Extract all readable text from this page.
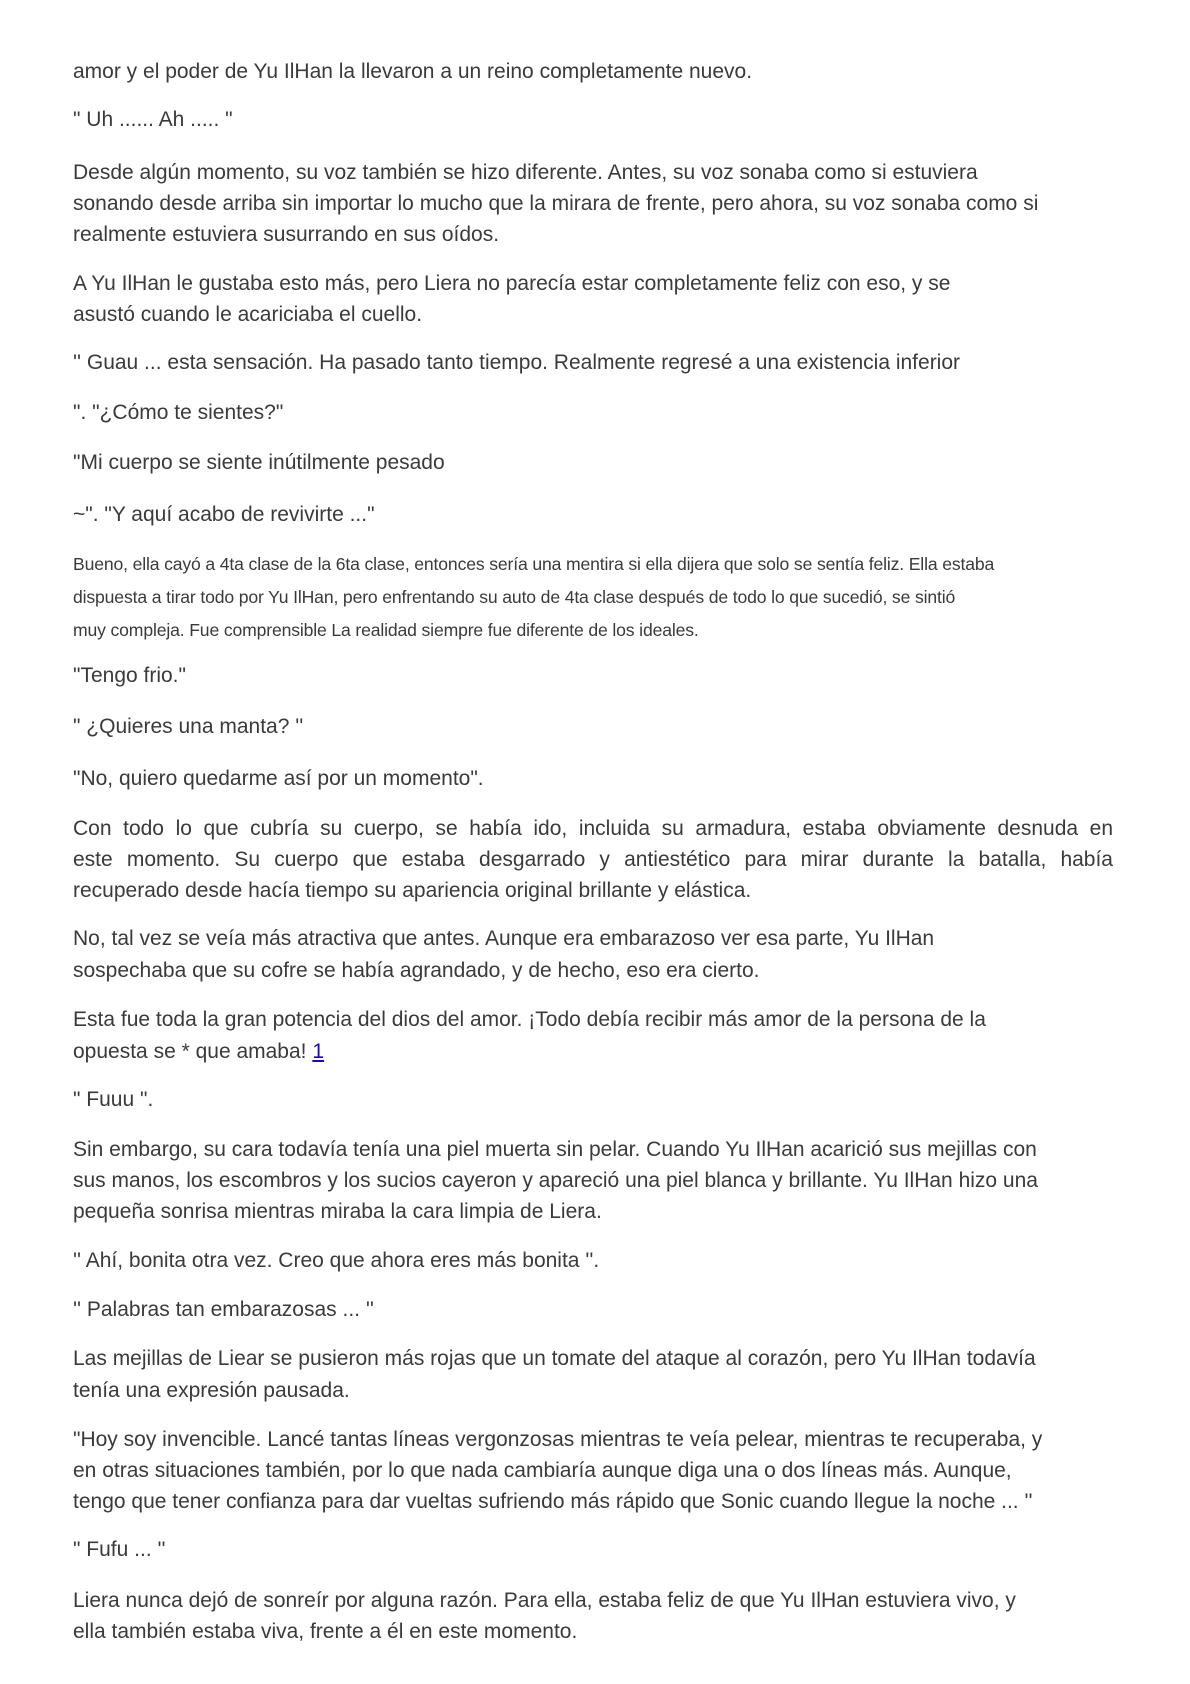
amor y el poder de Yu IlHan la llevaron a un reino completamente nuevo.

" Uh ...... Ah ..... "

Desde algún momento, su voz también se hizo diferente. Antes, su voz sonaba como si estuviera

sonando desde arriba sin importar lo mucho que la mirara de frente, pero ahora, su voz sonaba como si

realmente estuviera susurrando en sus oídos.

A Yu IlHan le gustaba esto más, pero Liera no parecía estar completamente feliz con eso, y se

asustó cuando le acariciaba el cuello.

'' Guau ... esta sensación. Ha pasado tanto tiempo. Realmente regresé a una existencia inferior

". "¿Cómo te sientes?"

"Mi cuerpo se siente inútilmente pesado

~". "Y aquí acabo de revivirte ..."

Bueno, ella cayó a 4ta clase de la 6ta clase, entonces sería una mentira si ella dijera que solo se sentía feliz. Ella estaba

dispuesta a tirar todo por Yu IlHan, pero enfrentando su auto de 4ta clase después de todo lo que sucedió, se sintió

muy compleja. Fue comprensible La realidad siempre fue diferente de los ideales.

"Tengo frio."

" ¿Quieres una manta? ''

"No, quiero quedarme así por un momento".

Con todo lo que cubría su cuerpo, se había ido, incluida su armadura, estaba obviamente desnuda en

este momento. Su cuerpo que estaba desgarrado y antiestético para mirar durante la batalla, había

recuperado desde hacía tiempo su apariencia original brillante y elástica.

No, tal vez se veía más atractiva que antes. Aunque era embarazoso ver esa parte, Yu IlHan

sospechaba que su cofre se había agrandado, y de hecho, eso era cierto.

Esta fue toda la gran potencia del dios del amor. ¡Todo debía recibir más amor de la persona de la

opuesta se * que amaba! 1

" Fuuu ".

Sin embargo, su cara todavía tenía una piel muerta sin pelar. Cuando Yu IlHan acarició sus mejillas con

sus manos, los escombros y los sucios cayeron y apareció una piel blanca y brillante. Yu IlHan hizo una

pequeña sonrisa mientras miraba la cara limpia de Liera.

'' Ahí, bonita otra vez. Creo que ahora eres más bonita ''.

'' Palabras tan embarazosas ... ''

Las mejillas de Liear se pusieron más rojas que un tomate del ataque al corazón, pero Yu IlHan todavía

tenía una expresión pausada.

"Hoy soy invencible. Lancé tantas líneas vergonzosas mientras te veía pelear, mientras te recuperaba, y

en otras situaciones también, por lo que nada cambiaría aunque diga una o dos líneas más. Aunque,

tengo que tener confianza para dar vueltas sufriendo más rápido que Sonic cuando llegue la noche ... ''

" Fufu ... ''

Liera nunca dejó de sonreír por alguna razón. Para ella, estaba feliz de que Yu IlHan estuviera vivo, y

ella también estaba viva, frente a él en este momento.
